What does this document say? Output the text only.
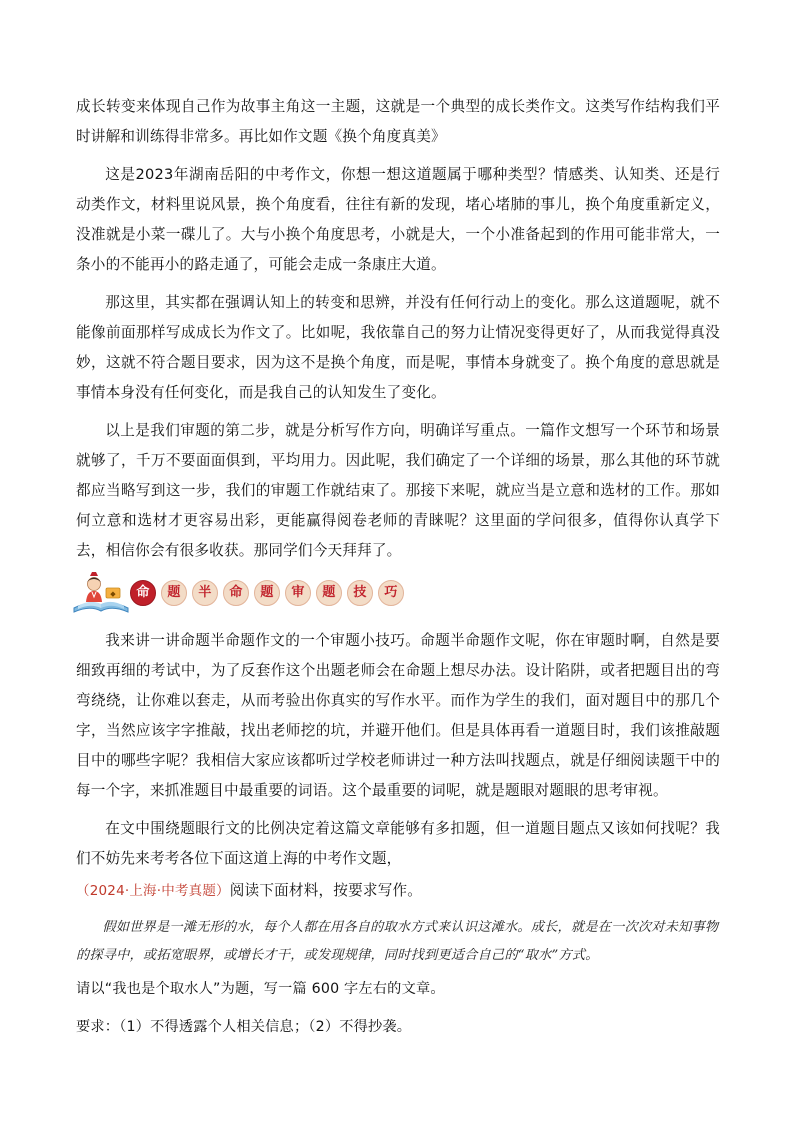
成长转变来体现自己作为故事主角这一主题，这就是一个典型的成长类作文。这类写作结构我们平时讲解和训练得非常多。再比如作文题《换个角度真美》

这是2023年湖南岳阳的中考作文，你想一想这道题属于哪种类型？情感类、认知类、还是行动类作文，材料里说风景，换个角度看，往往有新的发现，堵心堵肺的事儿，换个角度重新定义，没准就是小菜一碟儿了。大与小换个角度思考，小就是大，一个小准备起到的作用可能非常大，一条小的不能再小的路走通了，可能会走成一条康庄大道。

那这里，其实都在强调认知上的转变和思辨，并没有任何行动上的变化。那么这道题呢，就不能像前面那样写成成长为作文了。比如呢，我依靠自己的努力让情况变得更好了，从而我觉得真没妙，这就不符合题目要求，因为这不是换个角度，而是呢，事情本身就变了。换个角度的意思就是事情本身没有任何变化，而是我自己的认知发生了变化。

以上是我们审题的第二步，就是分析写作方向，明确详写重点。一篇作文想写一个环节和场景就够了，千万不要面面俱到，平均用力。因此呢，我们确定了一个详细的场景，那么其他的环节就都应当略写到这一步，我们的审题工作就结束了。那接下来呢，就应当是立意和选材的工作。那如何立意和选材才更容易出彩，更能赢得阅卷老师的青睐呢？这里面的学问很多，值得你认真学下去，相信你会有很多收获。那同学们今天拜拜了。

◆	命	题	半	命	题	审	题	技	巧

我来讲一讲命题半命题作文的一个审题小技巧。命题半命题作文呢，你在审题时啊，自然是要细致再细的考试中，为了反套作这个出题老师会在命题上想尽办法。设计陷阱，或者把题目出的弯弯绕绕，让你难以套走，从而考验出你真实的写作水平。而作为学生的我们，面对题目中的那几个字，当然应该字字推敲，找出老师挖的坑，并避开他们。但是具体再看一道题目时，我们该推敲题目中的哪些字呢？我相信大家应该都听过学校老师讲过一种方法叫找题点，就是仔细阅读题干中的每一个字，来抓准题目中最重要的词语。这个最重要的词呢，就是题眼对题眼的思考审视。

在文中围绕题眼行文的比例决定着这篇文章能够有多扣题，但一道题目题点又该如何找呢？我们不妨先来考考各位下面这道上海的中考作文题，

（2024·上海·中考真题）阅读下面材料，按要求写作。
假如世界是一滩无形的水，每个人都在用各自的取水方式来认识这滩水。成长，就是在一次次对未知事物的探寻中，或拓宽眼界，或增长才干，或发现规律，同时找到更适合自己的“取水”方式。
请以“我也是个取水人”为题，写一篇 600 字左右的文章。
要求：（1）不得透露个人相关信息；（2）不得抄袭。
